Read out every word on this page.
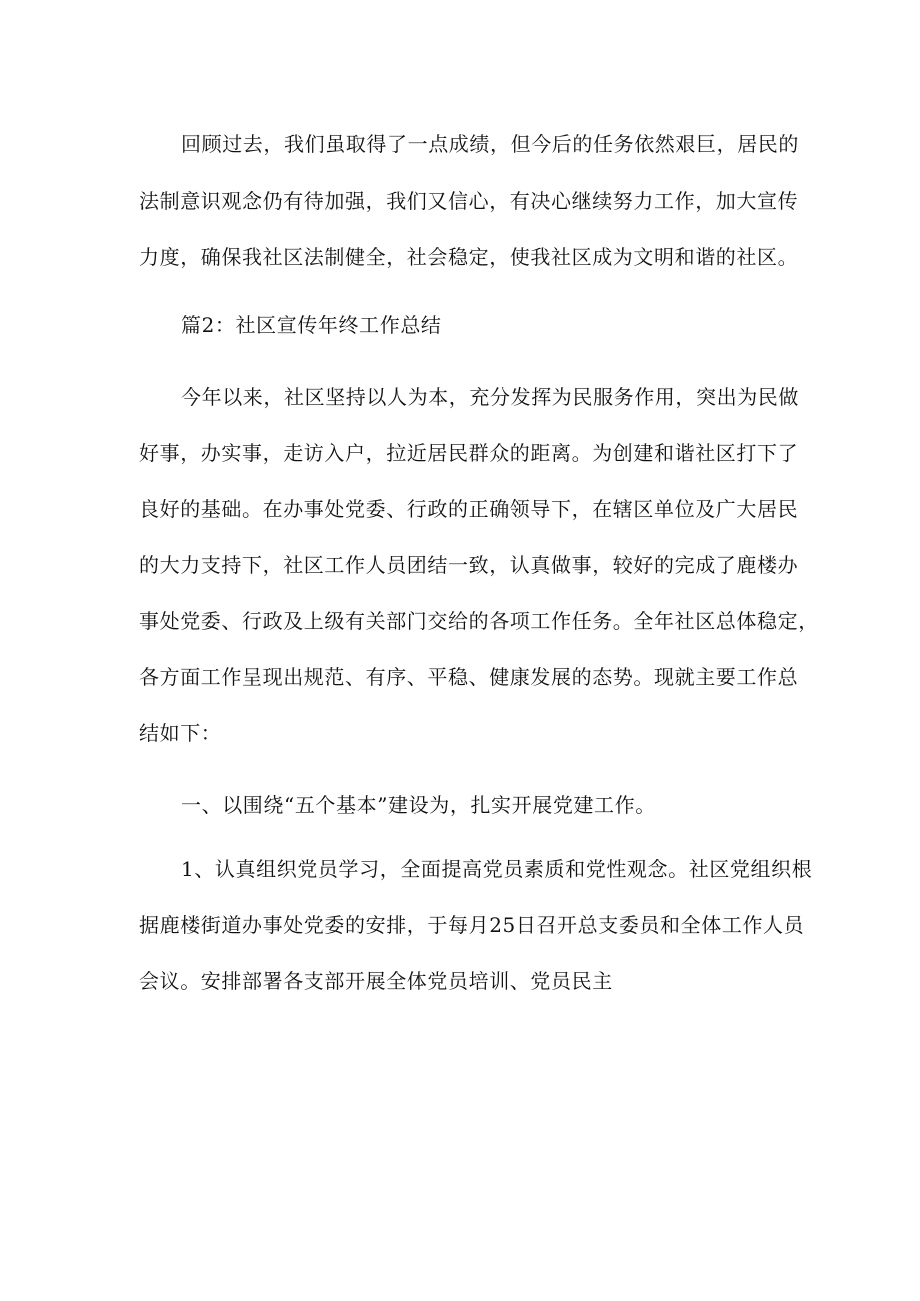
回顾过去，我们虽取得了一点成绩，但今后的任务依然艰巨，居民的
法制意识观念仍有待加强，我们又信心，有决心继续努力工作，加大宣传
力度，确保我社区法制健全，社会稳定，使我社区成为文明和谐的社区。
篇2：社区宣传年终工作总结
今年以来，社区坚持以人为本，充分发挥为民服务作用，突出为民做
好事，办实事，走访入户，拉近居民群众的距离。为创建和谐社区打下了
良好的基础。在办事处党委、行政的正确领导下，在辖区单位及广大居民
的大力支持下，社区工作人员团结一致，认真做事，较好的完成了鹿楼办
事处党委、行政及上级有关部门交给的各项工作任务。全年社区总体稳定，
各方面工作呈现出规范、有序、平稳、健康发展的态势。现就主要工作总
结如下：
一、以围绕“五个基本”建设为，扎实开展党建工作。
1、认真组织党员学习，全面提高党员素质和党性观念。社区党组织根
据鹿楼街道办事处党委的安排，于每月25日召开总支委员和全体工作人员
会议。安排部署各支部开展全体党员培训、党员民主
